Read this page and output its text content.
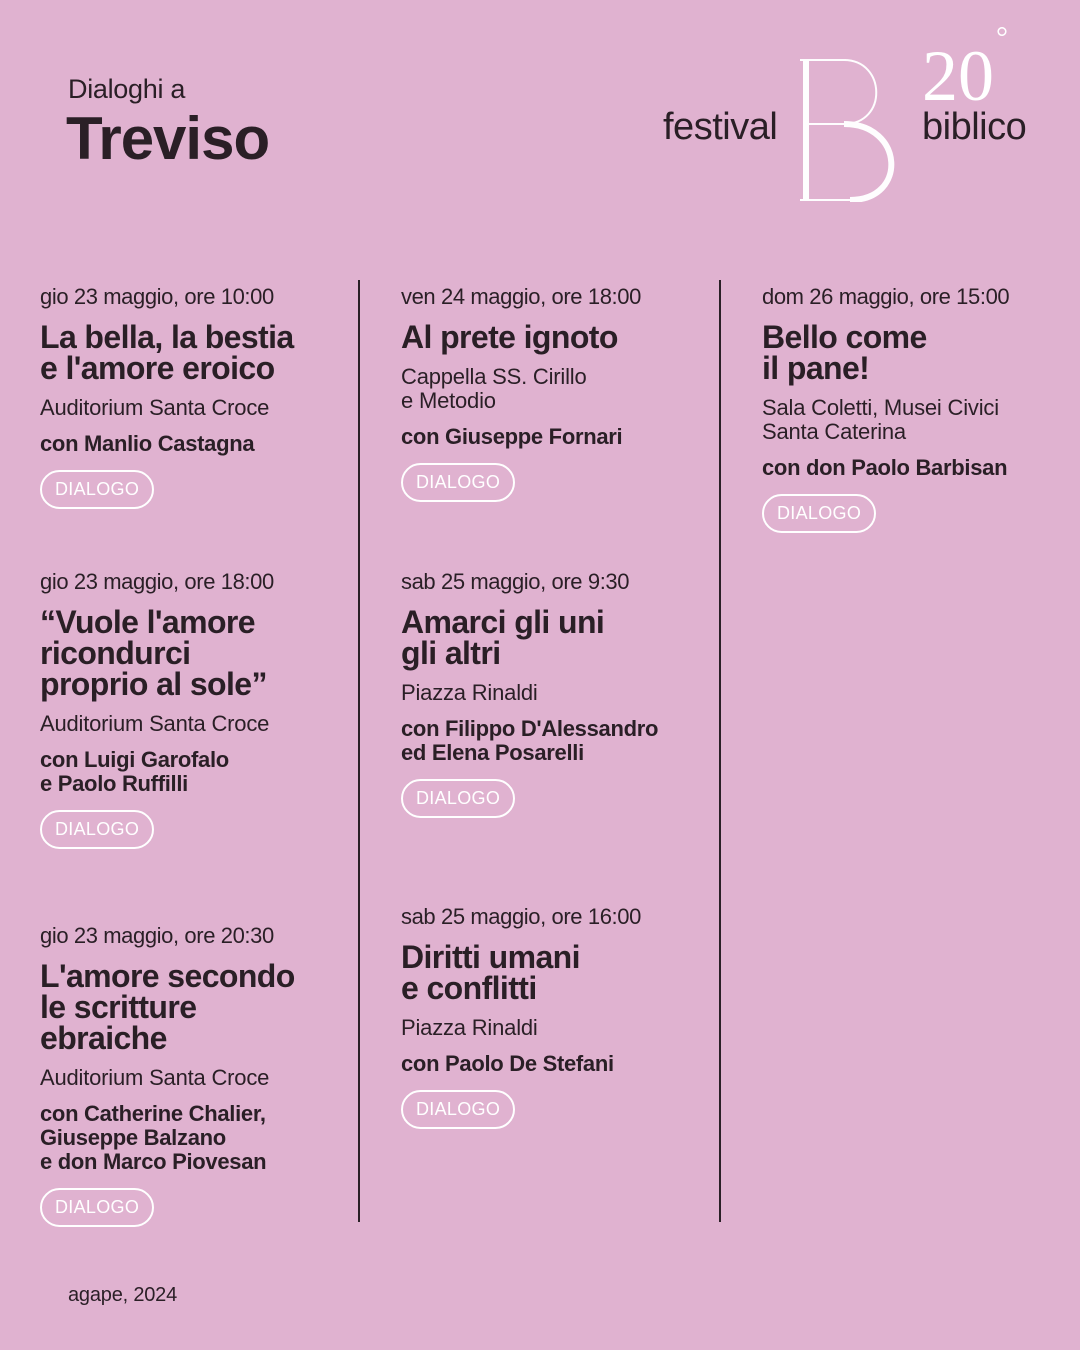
Dialoghi a
Treviso	festival
20°
biblico
gio 23 maggio, ore 10:00
La bella, la bestia
e l'amore eroico
Auditorium Santa Croce
con Manlio Castagna
DIALOGO
gio 23 maggio, ore 18:00
“Vuole l'amore
ricondurci
proprio al sole”
Auditorium Santa Croce
con Luigi Garofalo
e Paolo Ruffilli
DIALOGO
gio 23 maggio, ore 20:30
L'amore secondo
le scritture
ebraiche
Auditorium Santa Croce
con Catherine Chalier,
Giuseppe Balzano
e don Marco Piovesan
DIALOGO
ven 24 maggio, ore 18:00
Al prete ignoto
Cappella SS. Cirillo
e Metodio
con Giuseppe Fornari
DIALOGO
sab 25 maggio, ore 9:30
Amarci gli uni
gli altri
Piazza Rinaldi
con Filippo D'Alessandro
ed Elena Posarelli
DIALOGO
sab 25 maggio, ore 16:00
Diritti umani
e conflitti
Piazza Rinaldi
con Paolo De Stefani
DIALOGO
dom 26 maggio, ore 15:00
Bello come
il pane!
Sala Coletti, Musei Civici
Santa Caterina
con don Paolo Barbisan
DIALOGO
agape, 2024
